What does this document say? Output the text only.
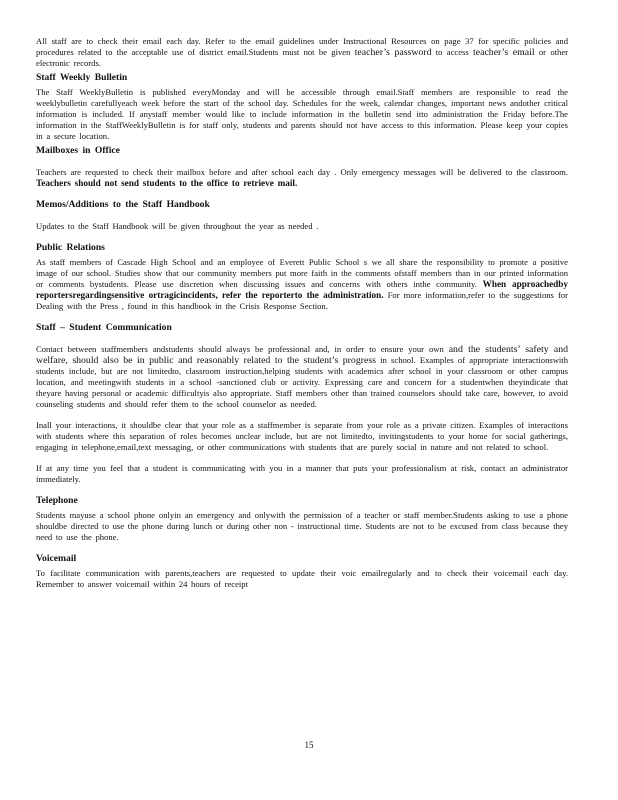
All staff are to check their email each day. Refer to the email guidelines under Instructional Resources on page 37 for specific policies and procedures related to the acceptable use of district email.Students must not be given teacher’s password to access teacher’s email or other electronic records.

Staff Weekly Bulletin

The Staff WeeklyBulletin is published everyMonday and will be accessible through email.Staff members are responsible to read the weeklybulletin carefullyeach week before the start of the school day. Schedules for the week, calendar changes, important news andother critical information is included. If anystaff member would like to include information in the bulletin send itto administration the Friday before.The information in the StaffWeeklyBulletin is for staff only, students and parents should not have access to this information. Please keep your copies in a secure location.

Mailboxes in Office

Teachers are requested to check their mailbox before and after school each day . Only emergency messages will be delivered to the classroom. Teachers should not send students to the office to retrieve mail.

Memos/Additions to the Staff Handbook

Updates to the Staff Handbook will be given throughout the year as needed .

Public Relations

As staff members of Cascade High School and an employee of Everett Public School s we all share the responsibility to promote a positive image of our school. Studies show that our community members put more faith in the comments ofstaff members than in our printed information or comments bystudents. Please use discretion when discussing issues and concerns with others inthe community. When approachedby reportersregardingsensitive ortragicincidents, refer the reporterto the administration. For more information,refer to the suggestions for Dealing with the Press , found in this handbook in the Crisis Response Section.

Staff – Student Communication

Contact between staffmembers andstudents should always be professional and, in order to ensure your own and the students’ safety and welfare, should also be in public and reasonably related to the student’s progress in school. Examples of appropriate interactionswith students include, but are not limitedto, classroom instruction,helping students with academics after school in your classroom or other campus location, and meetingwith students in a school -sanctioned club or activity. Expressing care and concern for a studentwhen theyindicate that theyare having personal or academic difficultyis also appropriate. Staff members other than trained counselors should take care, however, to avoid counseling students and should refer them to the school counselor as needed.

Inall your interactions, it shouldbe clear that your role as a staffmember is separate from your role as a private citizen. Examples of interactions with students where this separation of roles becomes unclear include, but are not limitedto, invitingstudents to your home for social gatherings, engaging in telephone,email,text messaging, or other communications with students that are purely social in nature and not related to school.

If at any time you feel that a student is communicating with you in a manner that puts your professionalism at risk, contact an administrator immediately.

Telephone

Students mayuse a school phone onlyin an emergency and onlywith the permission of a teacher or staff member.Students asking to use a phone shouldbe directed to use the phone during lunch or during other non - instructional time. Students are not to be excused from class because they need to use the phone.

Voicemail

To facilitate communication with parents,teachers are requested to update their voic emailregularly and to check their voicemail each day. Remember to answer voicemail within 24 hours of receipt

15
